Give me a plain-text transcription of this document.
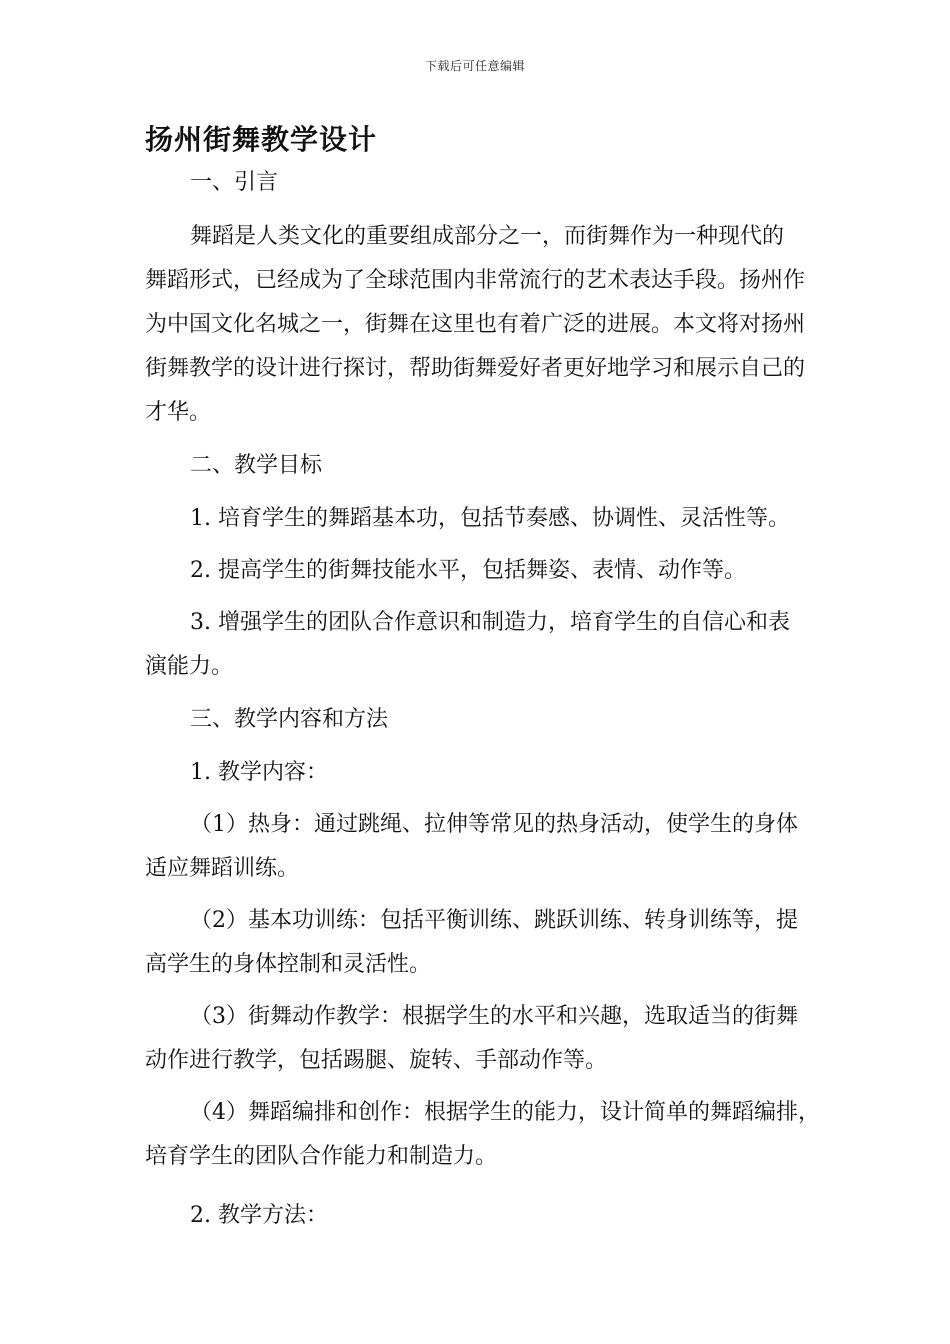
下载后可任意编辑
扬州街舞教学设计
一、引言
舞蹈是人类文化的重要组成部分之一，而街舞作为一种现代的舞蹈形式，已经成为了全球范围内非常流行的艺术表达手段。扬州作为中国文化名城之一，街舞在这里也有着广泛的进展。本文将对扬州街舞教学的设计进行探讨，帮助街舞爱好者更好地学习和展示自己的才华。
二、教学目标
1. 培育学生的舞蹈基本功，包括节奏感、协调性、灵活性等。
2. 提高学生的街舞技能水平，包括舞姿、表情、动作等。
3. 增强学生的团队合作意识和制造力，培育学生的自信心和表演能力。
三、教学内容和方法
1. 教学内容：
（1）热身：通过跳绳、拉伸等常见的热身活动，使学生的身体适应舞蹈训练。
（2）基本功训练：包括平衡训练、跳跃训练、转身训练等，提高学生的身体控制和灵活性。
（3）街舞动作教学：根据学生的水平和兴趣，选取适当的街舞动作进行教学，包括踢腿、旋转、手部动作等。
（4）舞蹈编排和创作：根据学生的能力，设计简单的舞蹈编排，培育学生的团队合作能力和制造力。
2. 教学方法：
